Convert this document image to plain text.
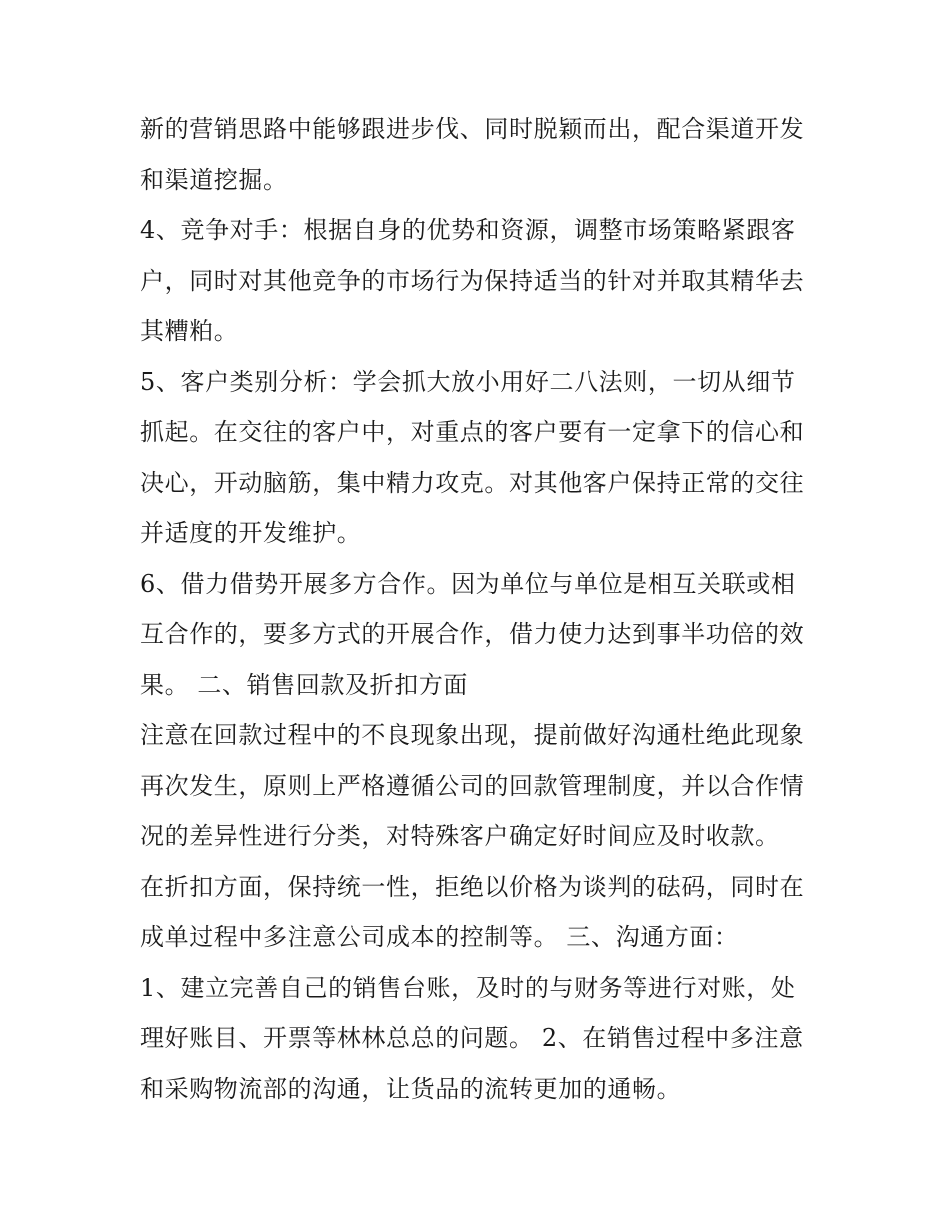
新的营销思路中能够跟进步伐、同时脱颖而出，配合渠道开发
和渠道挖掘。
4、竞争对手：根据自身的优势和资源，调整市场策略紧跟客
户，同时对其他竞争的市场行为保持适当的针对并取其精华去
其糟粕。
5、客户类别分析：学会抓大放小用好二八法则，一切从细节
抓起。在交往的客户中，对重点的客户要有一定拿下的信心和
决心，开动脑筋，集中精力攻克。对其他客户保持正常的交往
并适度的开发维护。
6、借力借势开展多方合作。因为单位与单位是相互关联或相
互合作的，要多方式的开展合作，借力使力达到事半功倍的效
果。 二、销售回款及折扣方面
注意在回款过程中的不良现象出现，提前做好沟通杜绝此现象
再次发生，原则上严格遵循公司的回款管理制度，并以合作情
况的差异性进行分类，对特殊客户确定好时间应及时收款。
在折扣方面，保持统一性，拒绝以价格为谈判的砝码，同时在
成单过程中多注意公司成本的控制等。 三、沟通方面：
1、建立完善自己的销售台账，及时的与财务等进行对账，处
理好账目、开票等林林总总的问题。 2、在销售过程中多注意
和采购物流部的沟通，让货品的流转更加的通畅。
